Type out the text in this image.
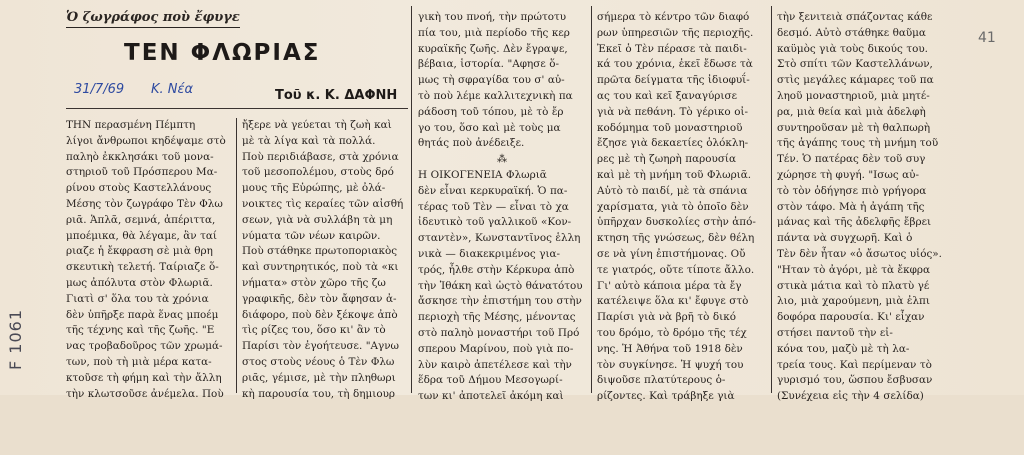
Ὁ ζωγράφος ποὺ ἔφυγε
ΤΕΝ ΦΛΩΡΙΑΣ
31/7/69 Κ. Νέα	Τοῦ κ. Κ. ΔΑΦΝΗ
ΤΗΝ περασμένη Πέμπτη
λίγοι ἄνθρωποι κηδέψαμε στὸ
παληὸ ἐκκλησάκι τοῦ μονα-
στηριοῦ τοῦ Πρόσπερου Μα-
ρίνου στοὺς Καστελλάνους
Μέσης τὸν ζωγράφο Τὲν Φλω
ριᾶ. Ἁπλᾶ, σεμνά, ἀπέριττα,
μποέμικα, θὰ λέγαμε, ἂν ταί
ριαζε ἡ ἔκφραση σὲ μιὰ θρη
σκευτικὴ τελετή. Ταίριαζε ὅ-
μως ἀπόλυτα στὸν Φλωριᾶ.
Γιατὶ σ' ὅλα του τὰ χρόνια
δὲν ὑπῆρξε παρὰ ἕνας μποέμ
τῆς τέχνης καὶ τῆς ζωῆς. "Ε
νας τροβαδοῦρος τῶν χρωμά-
των, ποὺ τὴ μιὰ μέρα κατα-
κτοῦσε τὴ φήμη καὶ τὴν ἄλλη
τὴν κλωτσοῦσε ἀνέμελα. Ποὺ
ἤξερε νὰ γεύεται τὴ ζωὴ καὶ
μὲ τὰ λίγα καὶ τὰ πολλά.
Ποὺ περιδιάβασε, στὰ χρόνια
τοῦ μεσοπολέμου, στοὺς δρό
μους τῆς Εὐρώπης, μὲ ὀλά-
νοικτες τὶς κεραίες τῶν αἰσθή
σεων, γιὰ νὰ συλλάβη τὰ μη
νύματα τῶν νέων καιρῶν.
Ποὺ στάθηκε πρωτοποριακὸς
καὶ συντηρητικός, ποὺ τὰ «κι
νήματα» στὸν χῶρο τῆς ζω
γραφικῆς, δὲν τὸν ἄφησαν ἀ-
διάφορο, ποὺ δὲν ξέκοψε ἀπὸ
τὶς ρίζες του, ὅσο κι' ἂν τὸ
Παρίσι τὸν ἐγοήτευσε. "Αγνω
στος στοὺς νέους ὁ Τὲν Φλω
ριᾶς, γέμισε, μὲ τὴν πληθωρι
κὴ παρουσία του, τὴ δημιουρ
γικὴ του πνοή, τὴν πρώτοτυ
πία του, μιὰ περίοδο τῆς κερ
κυραϊκῆς ζωῆς. Δὲν ἔγραψε,
βέβαια, ἱστορία. "Αφησε ὅ-
μως τὴ σφραγίδα του σ' αὐ-
τὸ ποὺ λέμε καλλιτεχνικὴ πα
ράδοση τοῦ τόπου, μὲ τὸ ἔρ
γο του, ὅσο καὶ μὲ τοὺς μα
θητάς ποὺ ἀνέδειξε.
⁂
Η ΟΙΚΟΓΕΝΕΙΑ Φλωριᾶ
δὲν εἶναι κερκυραϊκή. Ὁ πα-
τέρας τοῦ Τὲν — εἶναι τὸ χα
ἰδευτικὸ τοῦ γαλλικοῦ «Κον-
σταντὲν», Κωνσταντῖνος ἑλλη
νικὰ — διακεκριμένος για-
τρός, ἦλθε στὴν Κέρκυρα ἀπὸ
τὴν Ἰθάκη καὶ ὡςτὸ θάνατότου
ἄσκησε τὴν ἐπιστήμη του στὴν
περιοχὴ τῆς Μέσης, μένοντας
στὸ παληὸ μοναστήρι τοῦ Πρό
σπερου Μαρίνου, ποὺ γιὰ πο-
λὺν καιρὸ ἀπετέλεσε καὶ τὴν
ἕδρα τοῦ Δήμου Μεσογωρί-
των κι' ἀποτελεῖ ἀκόμη καὶ
σήμερα τὸ κέντρο τῶν διαφό
ρων ὑπηρεσιῶν τῆς περιοχῆς.
Ἐκεῖ ὁ Τὲν πέρασε τὰ παιδι-
κά του χρόνια, ἐκεῖ ἔδωσε τὰ
πρῶτα δείγματα τῆς ἰδιοφυΐ-
ας του καὶ κεῖ ξαναγύρισε
γιὰ νὰ πεθάνη. Τὸ γέρικο οἰ-
κοδόμημα τοῦ μοναστηριοῦ
ἔζησε γιὰ δεκαετίες ὁλόκλη-
ρες μὲ τὴ ζωηρὴ παρουσία
καὶ μὲ τὴ μνήμη τοῦ Φλωριᾶ.
Αὐτὸ τὸ παιδί, μὲ τὰ σπάνια
χαρίσματα, γιὰ τὸ ὁποῖο δὲν
ὑπῆρχαν δυσκολίες στὴν ἀπό-
κτηση τῆς γνώσεως, δὲν θέλη
σε νὰ γίνη ἐπιστήμονας. Οὔ
τε γιατρός, οὔτε τίποτε ἄλλο.
Γι' αὐτὸ κάποια μέρα τὰ ἔγ
κατέλειψε ὅλα κι' ἔφυγε στὸ
Παρίσι γιὰ νὰ βρῆ τὸ δικό
του δρόμο, τὸ δρόμο τῆς τέχ
νης. Ἡ Ἀθήνα τοῦ 1918 δὲν
τὸν συγκίνησε. Ἡ ψυχή του
διψοῦσε πλατύτερους ὁ-
ρίζοντες. Καὶ τράβηξε γιὰ
τὴν ξενιτειὰ σπάζοντας κάθε
δεσμό. Αὐτὸ στάθηκε θαῦμα
καϋμὸς γιὰ τοὺς δικούς του.
Στὸ σπίτι τῶν Καστελλάνων,
στὶς μεγάλες κάμαρες τοῦ πα
ληοῦ μοναστηριοῦ, μιὰ μητέ-
ρα, μιὰ θεία καὶ μιὰ ἀδελφὴ
συντηροῦσαν μὲ τὴ θαλπωρὴ
τῆς ἀγάπης τους τὴ μνήμη τοῦ
Τέν. Ὁ πατέρας δὲν τοῦ συγ
χώρησε τὴ φυγή. "Ισως αὐ-
τὸ τὸν ὁδήγησε πιὸ γρήγορα
στὸν τάφο. Μὰ ἡ ἀγάπη τῆς
μάνας καὶ τῆς ἀδελφῆς ἔβρει
πάντα νὰ συγχωρῆ. Καὶ ὁ
Τὲν δὲν ἦταν «ὁ ἄσωτος υἱός».
"Ηταν τὸ ἀγόρι, μὲ τὰ ἔκφρα
στικὰ μάτια καὶ τὸ πλατὺ γέ
λιο, μιὰ χαρούμενη, μιὰ ἐλπι
δοφόρα παρουσία. Κι' εἶχαν
στήσει παντοῦ τὴν εἰ-
κόνα του, μαζὺ μὲ τὴ λα-
τρεία τους. Καὶ περίμεναν τὸ
γυρισμό του, ὥσπου ἔσβυσαν
(Συνέχεια εἰς τὴν 4 σελίδα)
41
F 1061
